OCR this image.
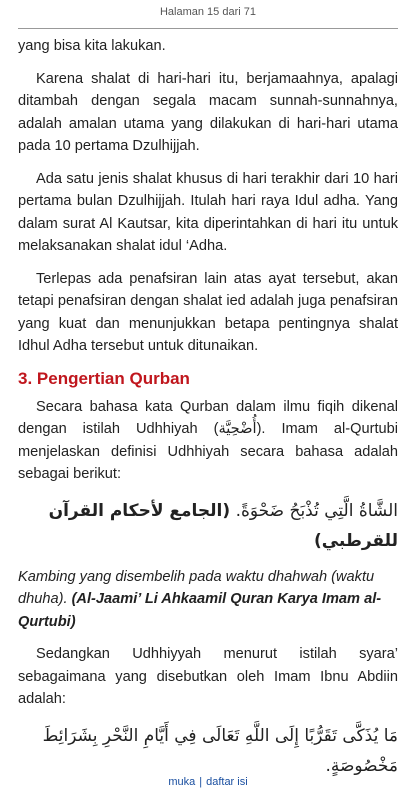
Halaman 15 dari 71

yang bisa kita lakukan.

Karena shalat di hari-hari itu, berjamaahnya, apalagi ditambah dengan segala macam sunnah-sunnahnya, adalah amalan utama yang dilakukan di hari-hari utama pada 10 pertama Dzulhijjah.

Ada satu jenis shalat khusus di hari terakhir dari 10 hari pertama bulan Dzulhijjah. Itulah hari raya Idul adha. Yang dalam surat Al Kautsar, kita diperintahkan di hari itu untuk melaksanakan shalat idul ‘Adha.

Terlepas ada penafsiran lain atas ayat tersebut, akan tetapi penafsiran dengan shalat ied adalah juga penafsiran yang kuat dan menunjukkan betapa pentingnya shalat Idhul Adha tersebut untuk ditunaikan.

3. Pengertian Qurban

Secara bahasa kata Qurban dalam ilmu fiqih dikenal dengan istilah Udhhiyah (أُضْحِيَّة). Imam al-Qurtubi menjelaskan definisi Udhhiyah secara bahasa adalah sebagai berikut:

الشَّاةُ الَّتِي تُذْبَحُ ضَحْوَةً. (الجامع لأحكام القرآن للقرطبي)

Kambing yang disembelih pada waktu dhahwah (waktu dhuha). (Al-Jaami’ Li Ahkaamil Quran Karya Imam al-Qurtubi)

Sedangkan Udhhiyyah menurut istilah syara’ sebagaimana yang disebutkan oleh Imam Ibnu Abdiin adalah:

مَا يُذَكَّى تَقَرُّبًا إِلَى اللَّهِ تَعَالَى فِي أَيَّامِ النَّحْرِ بِشَرَائِطَ مَخْصُوصَةٍ.
muka | daftar isi
